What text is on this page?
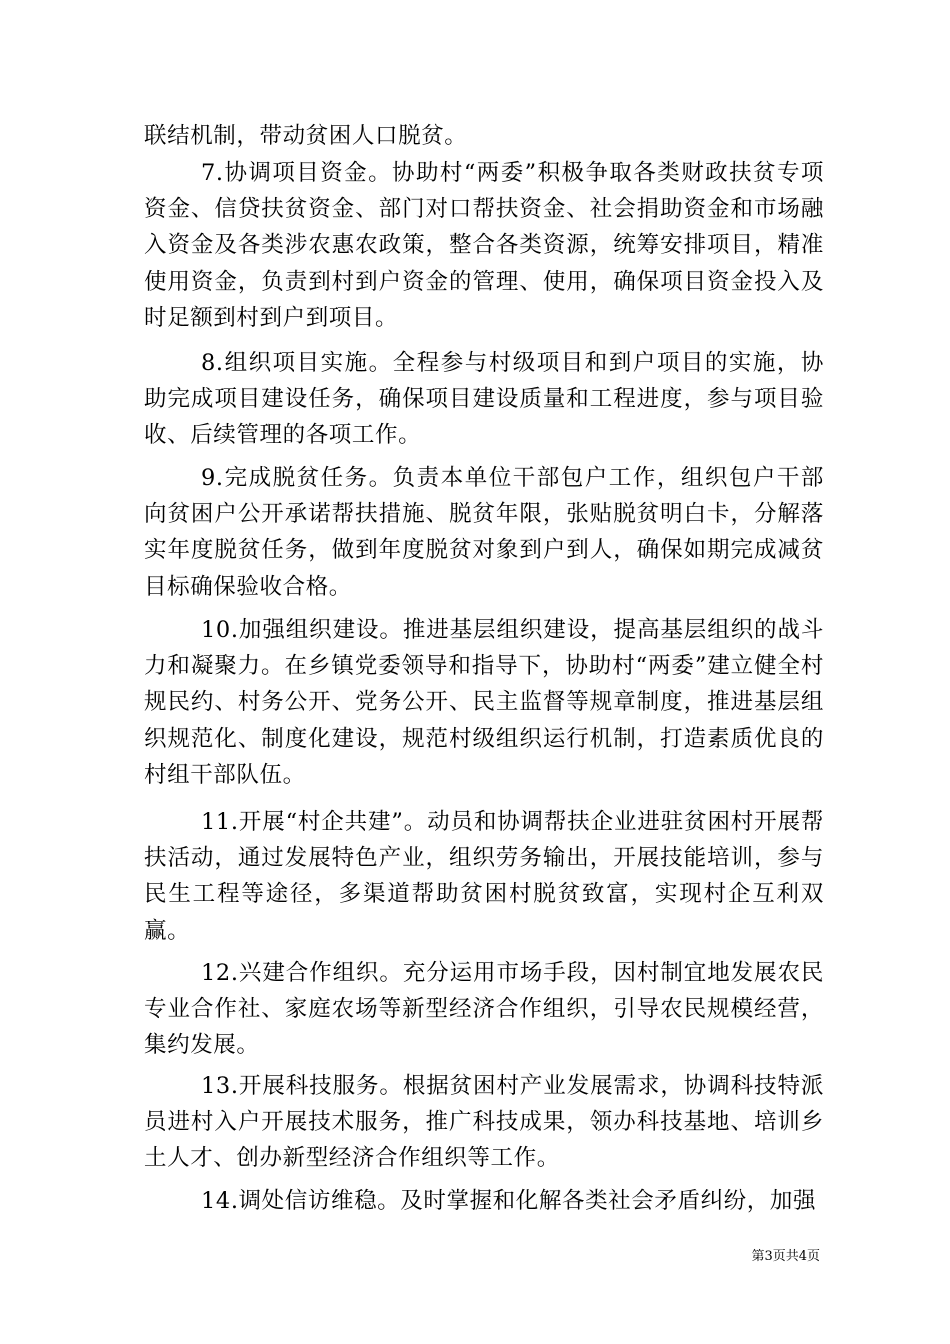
联结机制，带动贫困人口脱贫。

7.协调项目资金。协助村“两委”积极争取各类财政扶贫专项资金、信贷扶贫资金、部门对口帮扶资金、社会捐助资金和市场融入资金及各类涉农惠农政策，整合各类资源，统筹安排项目，精准使用资金，负责到村到户资金的管理、使用，确保项目资金投入及时足额到村到户到项目。

8.组织项目实施。全程参与村级项目和到户项目的实施，协助完成项目建设任务，确保项目建设质量和工程进度，参与项目验收、后续管理的各项工作。

9.完成脱贫任务。负责本单位干部包户工作，组织包户干部向贫困户公开承诺帮扶措施、脱贫年限，张贴脱贫明白卡，分解落实年度脱贫任务，做到年度脱贫对象到户到人，确保如期完成减贫目标确保验收合格。

10.加强组织建设。推进基层组织建设，提高基层组织的战斗力和凝聚力。在乡镇党委领导和指导下，协助村“两委”建立健全村规民约、村务公开、党务公开、民主监督等规章制度，推进基层组织规范化、制度化建设，规范村级组织运行机制，打造素质优良的村组干部队伍。

11.开展“村企共建”。动员和协调帮扶企业进驻贫困村开展帮扶活动，通过发展特色产业，组织劳务输出，开展技能培训，参与民生工程等途径，多渠道帮助贫困村脱贫致富，实现村企互利双赢。

12.兴建合作组织。充分运用市场手段，因村制宜地发展农民专业合作社、家庭农场等新型经济合作组织，引导农民规模经营，集约发展。

13.开展科技服务。根据贫困村产业发展需求，协调科技特派员进村入户开展技术服务，推广科技成果，领办科技基地、培训乡土人才、创办新型经济合作组织等工作。

14.调处信访维稳。及时掌握和化解各类社会矛盾纠纷，加强

第3页共4页
